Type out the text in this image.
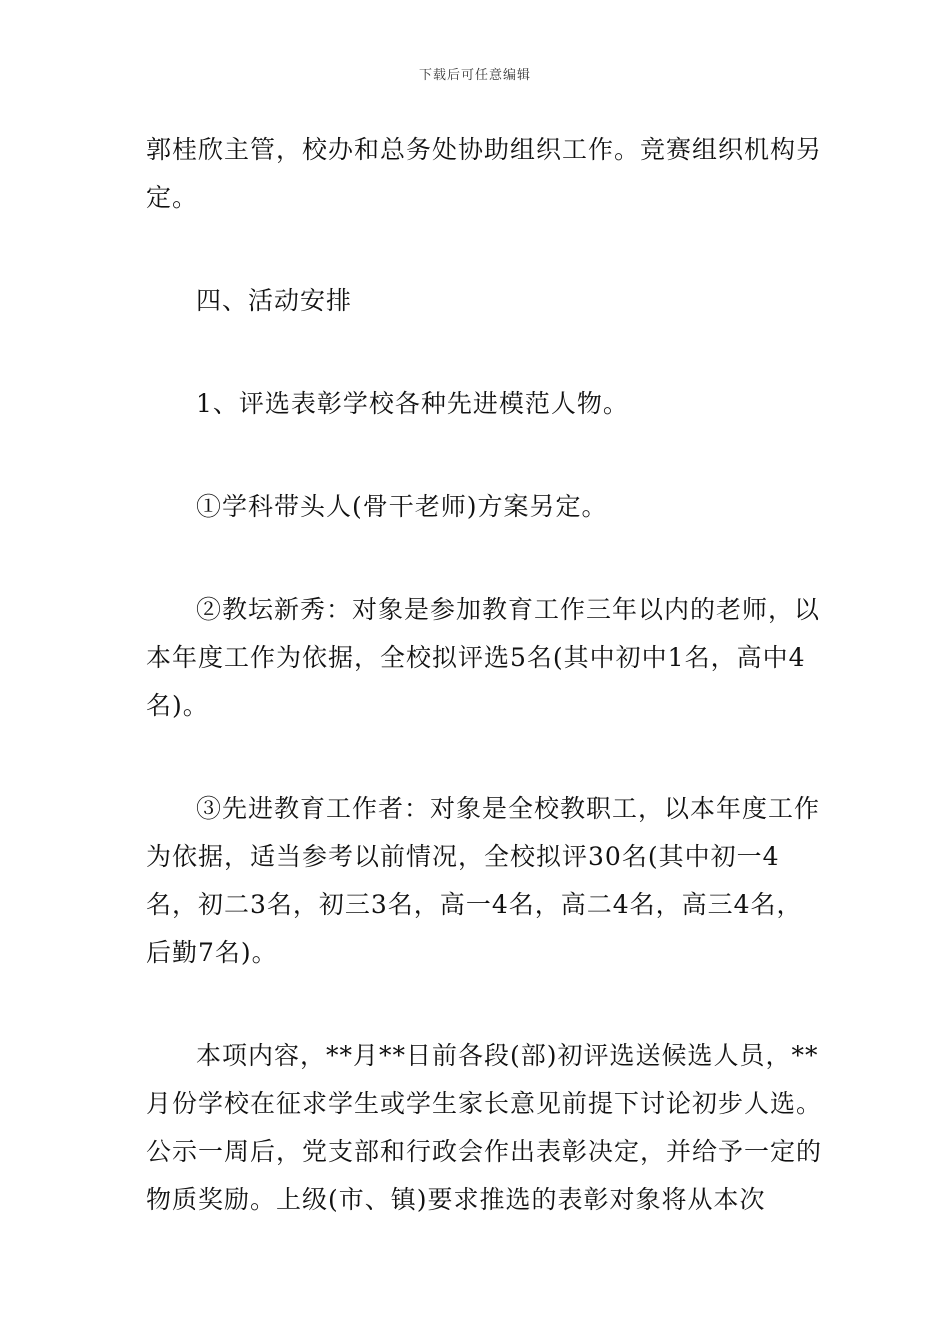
下载后可任意编辑

郭桂欣主管，校办和总务处协助组织工作。竞赛组织机构另定。

四、活动安排

1、评选表彰学校各种先进模范人物。

①学科带头人(骨干老师)方案另定。

②教坛新秀：对象是参加教育工作三年以内的老师，以本年度工作为依据，全校拟评选5名(其中初中1名，高中4名)。

③先进教育工作者：对象是全校教职工，以本年度工作为依据，适当参考以前情况，全校拟评30名(其中初一4名，初二3名，初三3名，高一4名，高二4名，高三4名，后勤7名)。

本项内容，**月**日前各段(部)初评选送候选人员，**月份学校在征求学生或学生家长意见前提下讨论初步人选。公示一周后，党支部和行政会作出表彰决定，并给予一定的物质奖励。上级(市、镇)要求推选的表彰对象将从本次
